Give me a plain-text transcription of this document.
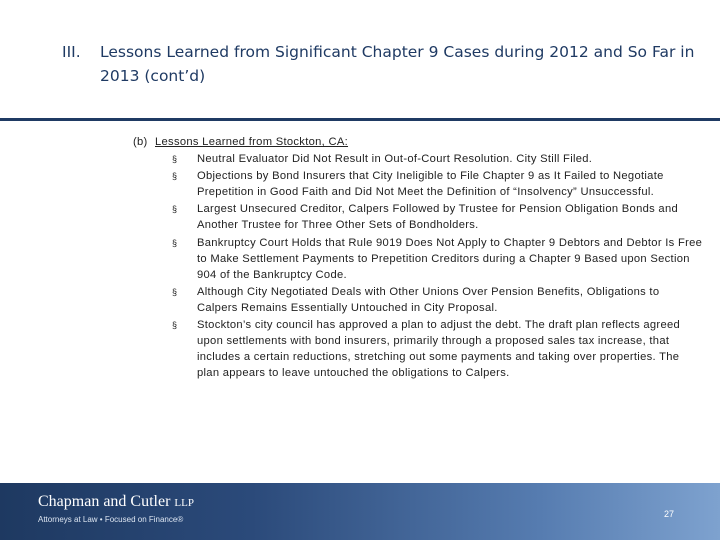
III.	Lessons Learned from Significant Chapter 9 Cases during 2012 and So Far in 2013 (cont’d)
(b) Lessons Learned from Stockton, CA:
§ Neutral Evaluator Did Not Result in Out-of-Court Resolution. City Still Filed.
§ Objections by Bond Insurers that City Ineligible to File Chapter 9 as It Failed to Negotiate Prepetition in Good Faith and Did Not Meet the Definition of “Insolvency” Unsuccessful.
§ Largest Unsecured Creditor, Calpers Followed by Trustee for Pension Obligation Bonds and Another Trustee for Three Other Sets of Bondholders.
§ Bankruptcy Court Holds that Rule 9019 Does Not Apply to Chapter 9 Debtors and Debtor Is Free to Make Settlement Payments to Prepetition Creditors during a Chapter 9 Based upon Section 904 of the Bankruptcy Code.
§ Although City Negotiated Deals with Other Unions Over Pension Benefits, Obligations to Calpers Remains Essentially Untouched in City Proposal.
§ Stockton’s city council has approved a plan to adjust the debt. The draft plan reflects agreed upon settlements with bond insurers, primarily through a proposed sales tax increase, that includes a certain reductions, stretching out some payments and taking over properties. The plan appears to leave untouched the obligations to Calpers.
Chapman and Cutler LLP
Attorneys at Law • Focused on Finance®
27
